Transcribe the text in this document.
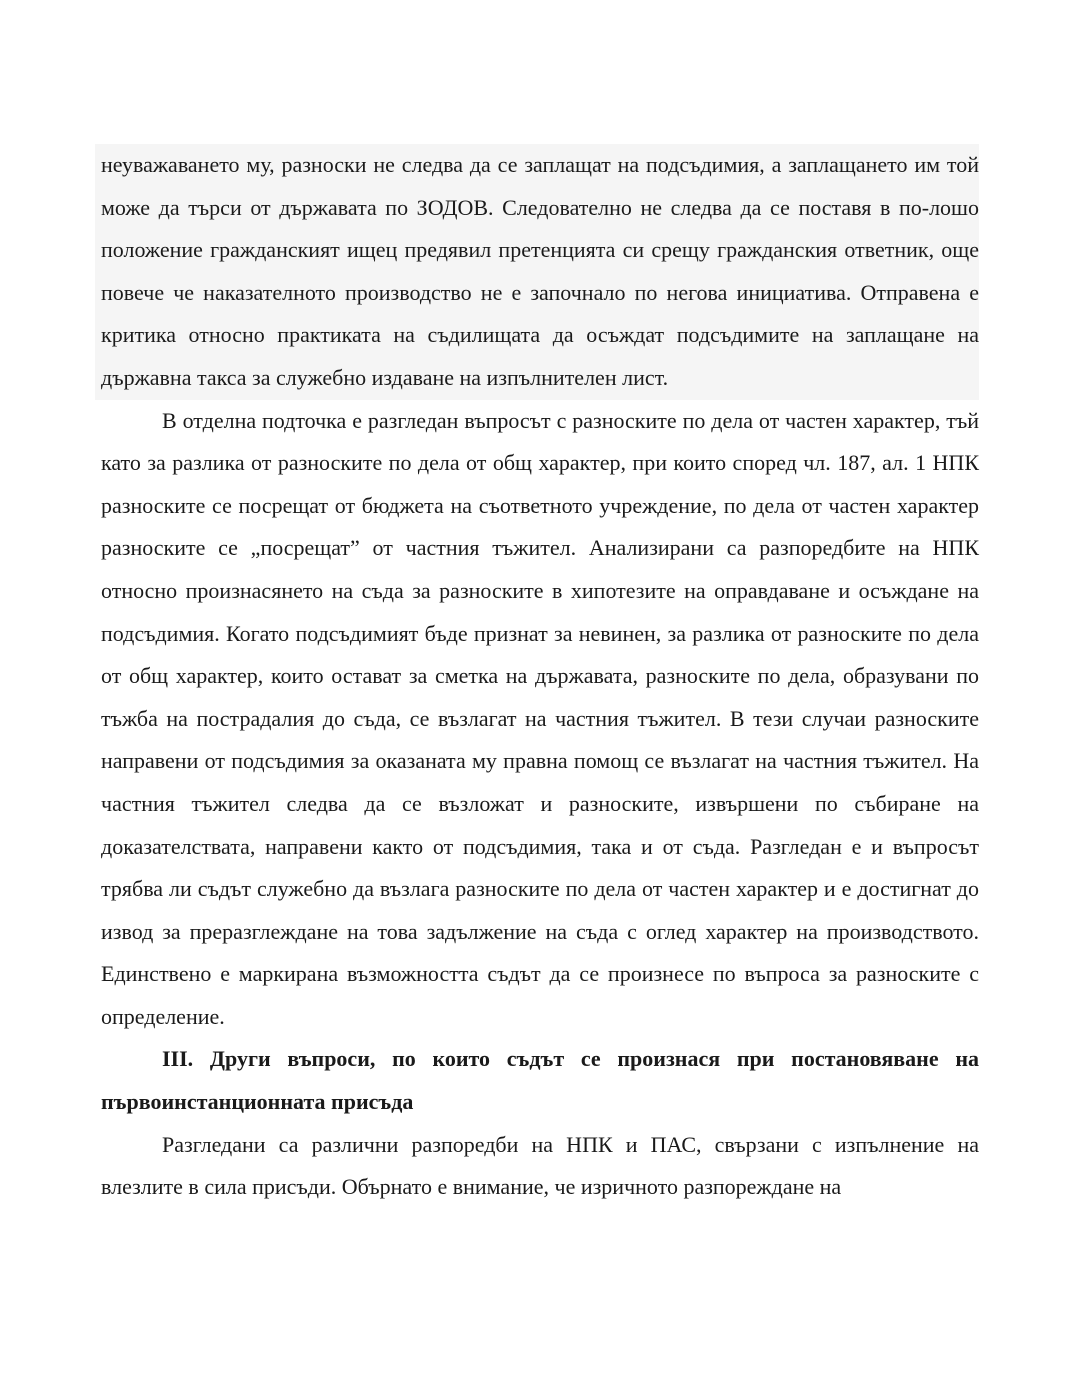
неуважаването му, разноски не следва да се заплащат на подсъдимия, а заплащането им той може да търси от държавата по ЗОДОВ. Следователно не следва да се поставя в по-лошо положение гражданският ищец предявил претенцията си срещу гражданския ответник, още повече че наказателното производство не е започнало по негова инициатива. Отправена е критика относно практиката на съдилищата да осъждат подсъдимите на заплащане на държавна такса за служебно издаване на изпълнителен лист.

В отделна подточка е разгледан въпросът с разноските по дела от частен характер, тъй като за разлика от разноските по дела от общ характер, при които според чл. 187, ал. 1 НПК разноските се посрещат от бюджета на съответното учреждение, по дела от частен характер разноските се „посрещат” от частния тъжител. Анализирани са разпоредбите на НПК относно произнасянето на съда за разноските в хипотезите на оправдаване и осъждане на подсъдимия. Когато подсъдимият бъде признат за невинен, за разлика от разноските по дела от общ характер, които остават за сметка на държавата, разноските по дела, образувани по тъжба на пострадалия до съда, се възлагат на частния тъжител. В тези случаи разноските направени от подсъдимия за оказаната му правна помощ се възлагат на частния тъжител. На частния тъжител следва да се възложат и разноските, извършени по събиране на доказателствата, направени както от подсъдимия, така и от съда. Разгледан е и въпросът трябва ли съдът служебно да възлага разноските по дела от частен характер и е достигнат до извод за преразглеждане на това задължение на съда с оглед характер на производството. Единствено е маркирана възможността съдът да се произнесе по въпроса за разноските с определение.

III. Други въпроси, по които съдът се произнася при постановяване на първоинстанционната присъда

Разгледани са различни разпоредби на НПК и ПАС, свързани с изпълнение на влезлите в сила присъди. Обърнато е внимание, че изричното разпореждане на
